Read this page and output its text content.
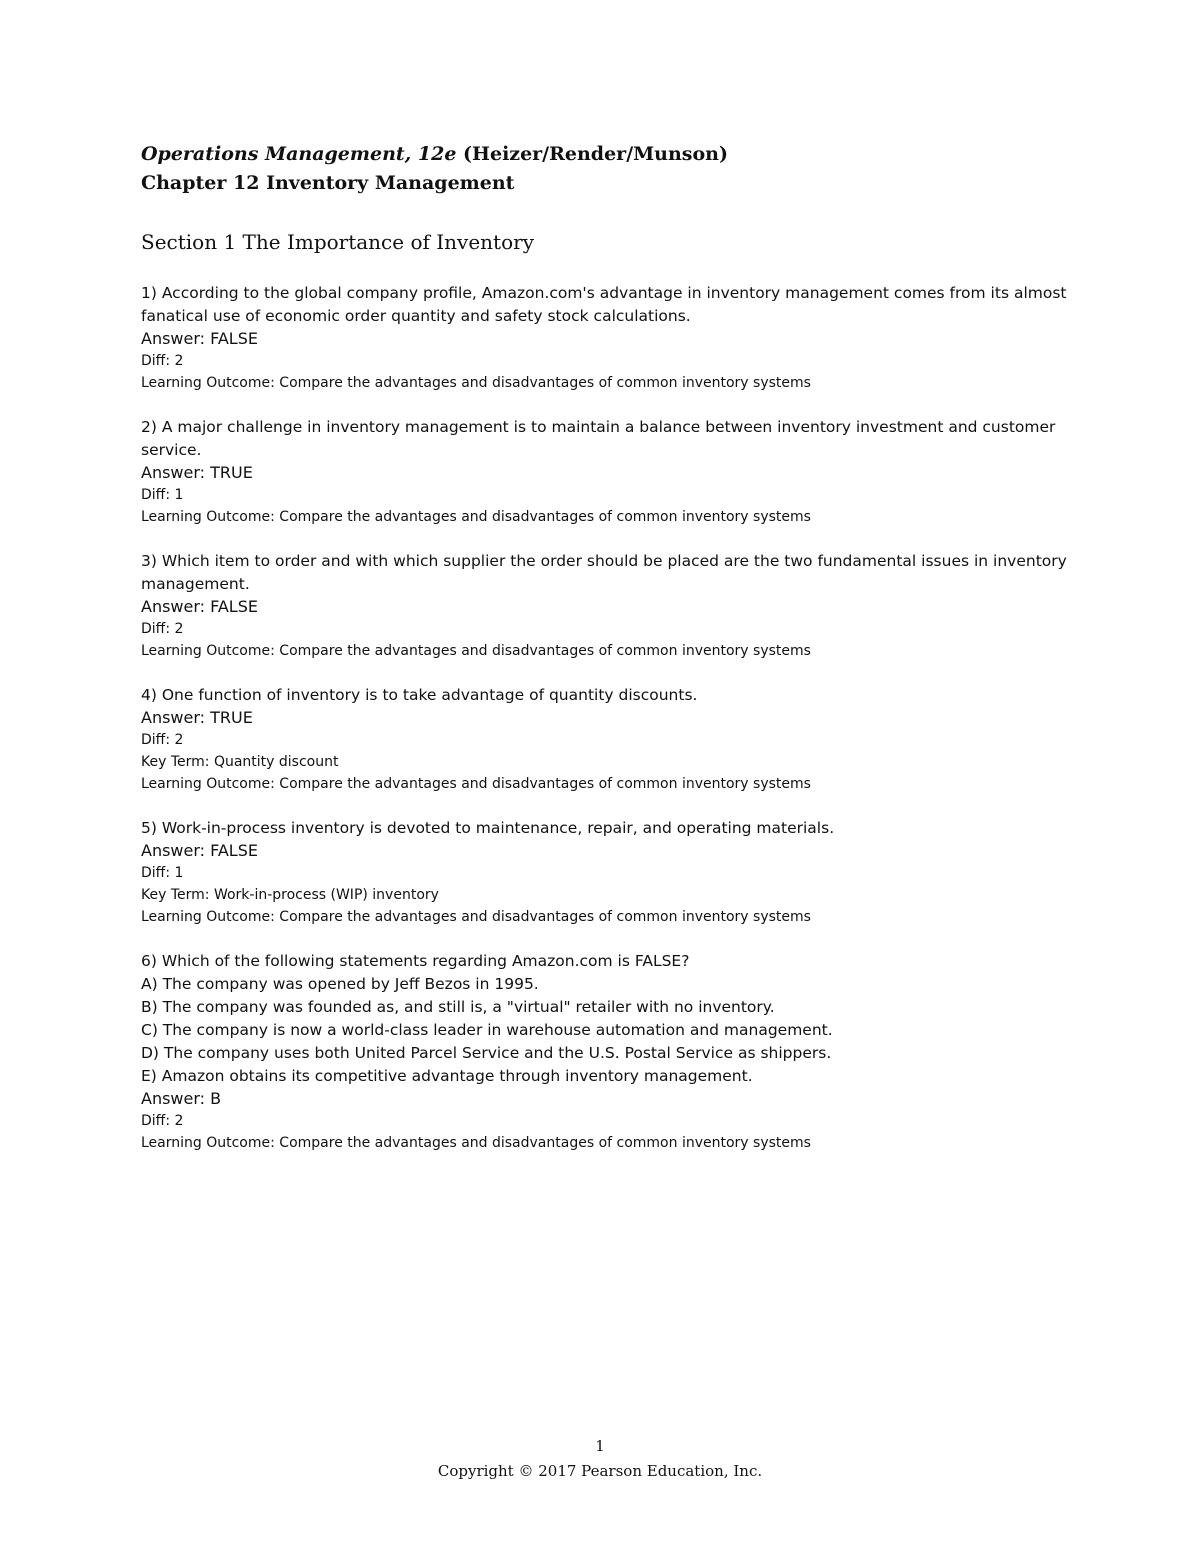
Operations Management, 12e (Heizer/Render/Munson)
Chapter 12 Inventory Management
Section 1 The Importance of Inventory
1) According to the global company profile, Amazon.com's advantage in inventory management comes from its almost fanatical use of economic order quantity and safety stock calculations.
Answer: FALSE
Diff: 2
Learning Outcome: Compare the advantages and disadvantages of common inventory systems
2) A major challenge in inventory management is to maintain a balance between inventory investment and customer service.
Answer: TRUE
Diff: 1
Learning Outcome: Compare the advantages and disadvantages of common inventory systems
3) Which item to order and with which supplier the order should be placed are the two fundamental issues in inventory management.
Answer: FALSE
Diff: 2
Learning Outcome: Compare the advantages and disadvantages of common inventory systems
4) One function of inventory is to take advantage of quantity discounts.
Answer: TRUE
Diff: 2
Key Term: Quantity discount
Learning Outcome: Compare the advantages and disadvantages of common inventory systems
5) Work-in-process inventory is devoted to maintenance, repair, and operating materials.
Answer: FALSE
Diff: 1
Key Term: Work-in-process (WIP) inventory
Learning Outcome: Compare the advantages and disadvantages of common inventory systems
6) Which of the following statements regarding Amazon.com is FALSE?
A) The company was opened by Jeff Bezos in 1995.
B) The company was founded as, and still is, a "virtual" retailer with no inventory.
C) The company is now a world-class leader in warehouse automation and management.
D) The company uses both United Parcel Service and the U.S. Postal Service as shippers.
E) Amazon obtains its competitive advantage through inventory management.
Answer: B
Diff: 2
Learning Outcome: Compare the advantages and disadvantages of common inventory systems
1
Copyright © 2017 Pearson Education, Inc.
